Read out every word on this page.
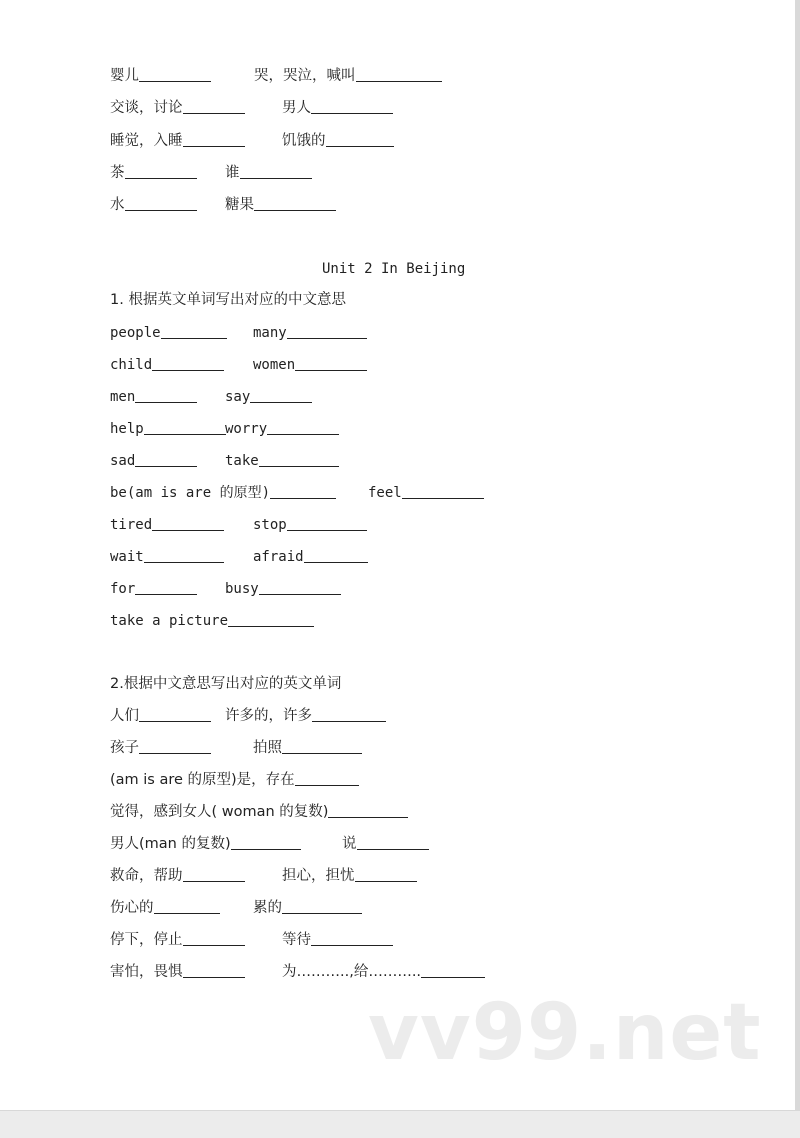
婴儿	哭，哭泣，喊叫
交谈，讨论	男人
睡觉，入睡	饥饿的
茶	谁
水	糖果
1. 根据英文单词写出对应的中文意思
people	many
child	women
men	say
help	worry
sad	take
be(am is are 的原型)	feel
tired	stop
wait	afraid
for	busy
take a picture
2.根据中文意思写出对应的英文单词
人们	许多的，许多
孩子	拍照
(am is are 的原型)是，存在
觉得，感到女人( woman 的复数)
男人(man 的复数)	说
救命，帮助	担心，担忧
伤心的	累的
停下，停止	等待
害怕，畏惧	为………..,给………..
Unit 2 In Beijing
vv99.net
